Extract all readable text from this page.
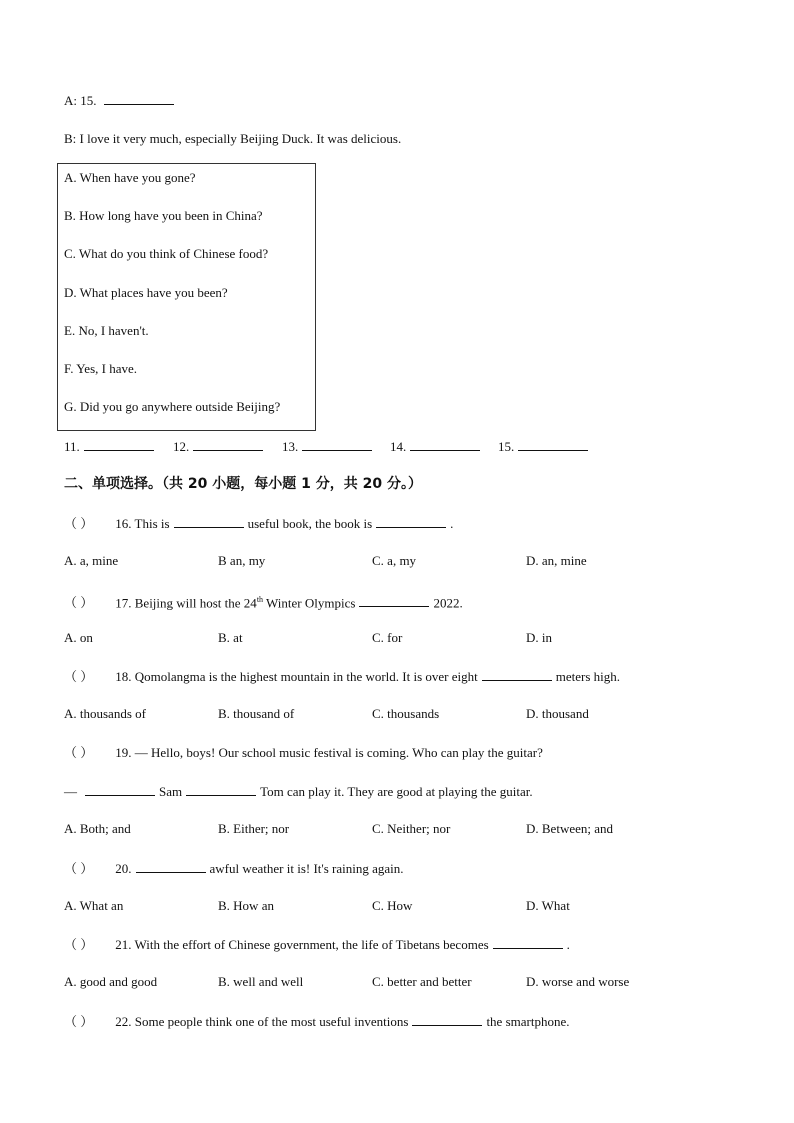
A: 15.
B: I love it very much, especially Beijing Duck. It was delicious.
A. When have you gone?
B. How long have you been in China?
C. What do you think of Chinese food?
D. What places have you been?
E. No, I haven't.
F. Yes, I have.
G. Did you go anywhere outside Beijing?
11.	12.	13.	14.	15.
二、单项选择。（共 20 小题，每小题 1 分，共 20 分。）
（ ） 16. This is	useful book, the book is	.
A. a, mine	B an, my	C. a, my	D. an, mine
（ ） 17. Beijing will host the 24th Winter Olympics	2022.
A. on	B. at	C. for	D. in
（ ） 18. Qomolangma is the highest mountain in the world. It is over eight	meters high.
A. thousands of	B. thousand of	C. thousands	D. thousand
（ ） 19. — Hello, boys! Our school music festival is coming. Who can play the guitar?
—	Sam	Tom can play it. They are good at playing the guitar.
A. Both; and	B. Either; nor	C. Neither; nor	D. Between; and
（ ） 20.	awful weather it is! It's raining again.
A. What an	B. How an	C. How	D. What
（ ） 21. With the effort of Chinese government, the life of Tibetans becomes	.
A. good and good	B. well and well	C. better and better	D. worse and worse
（ ） 22. Some people think one of the most useful inventions	the smartphone.
